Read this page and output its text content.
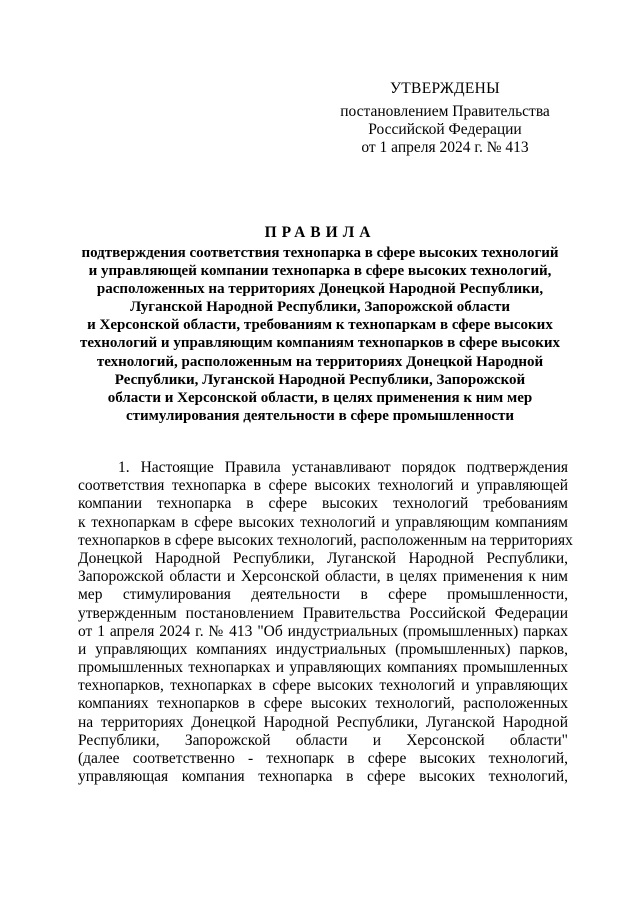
УТВЕРЖДЕНЫ
постановлением Правительства
Российской Федерации
от 1 апреля 2024 г. № 413
ПРАВИЛА
подтверждения соответствия технопарка в сфере высоких технологий
и управляющей компании технопарка в сфере высоких технологий,
расположенных на территориях Донецкой Народной Республики,
Луганской Народной Республики, Запорожской области
и Херсонской области, требованиям к технопаркам в сфере высоких
технологий и управляющим компаниям технопарков в сфере высоких
технологий, расположенным на территориях Донецкой Народной
Республики, Луганской Народной Республики, Запорожской
области и Херсонской области, в целях применения к ним мер
стимулирования деятельности в сфере промышленности
1. Настоящие Правила устанавливают порядок подтверждения
соответствия технопарка в сфере высоких технологий и управляющей
компании технопарка в сфере высоких технологий требованиям
к технопаркам в сфере высоких технологий и управляющим компаниям
технопарков в сфере высоких технологий, расположенным на территориях
Донецкой Народной Республики, Луганской Народной Республики,
Запорожской области и Херсонской области, в целях применения к ним
мер стимулирования деятельности в сфере промышленности,
утвержденным постановлением Правительства Российской Федерации
от 1 апреля 2024 г. № 413 "Об индустриальных (промышленных) парках
и управляющих компаниях индустриальных (промышленных) парков,
промышленных технопарках и управляющих компаниях промышленных
технопарков, технопарках в сфере высоких технологий и управляющих
компаниях технопарков в сфере высоких технологий, расположенных
на территориях Донецкой Народной Республики, Луганской Народной
Республики, Запорожской области и Херсонской области"
(далее соответственно - технопарк в сфере высоких технологий,
управляющая компания технопарка в сфере высоких технологий,
